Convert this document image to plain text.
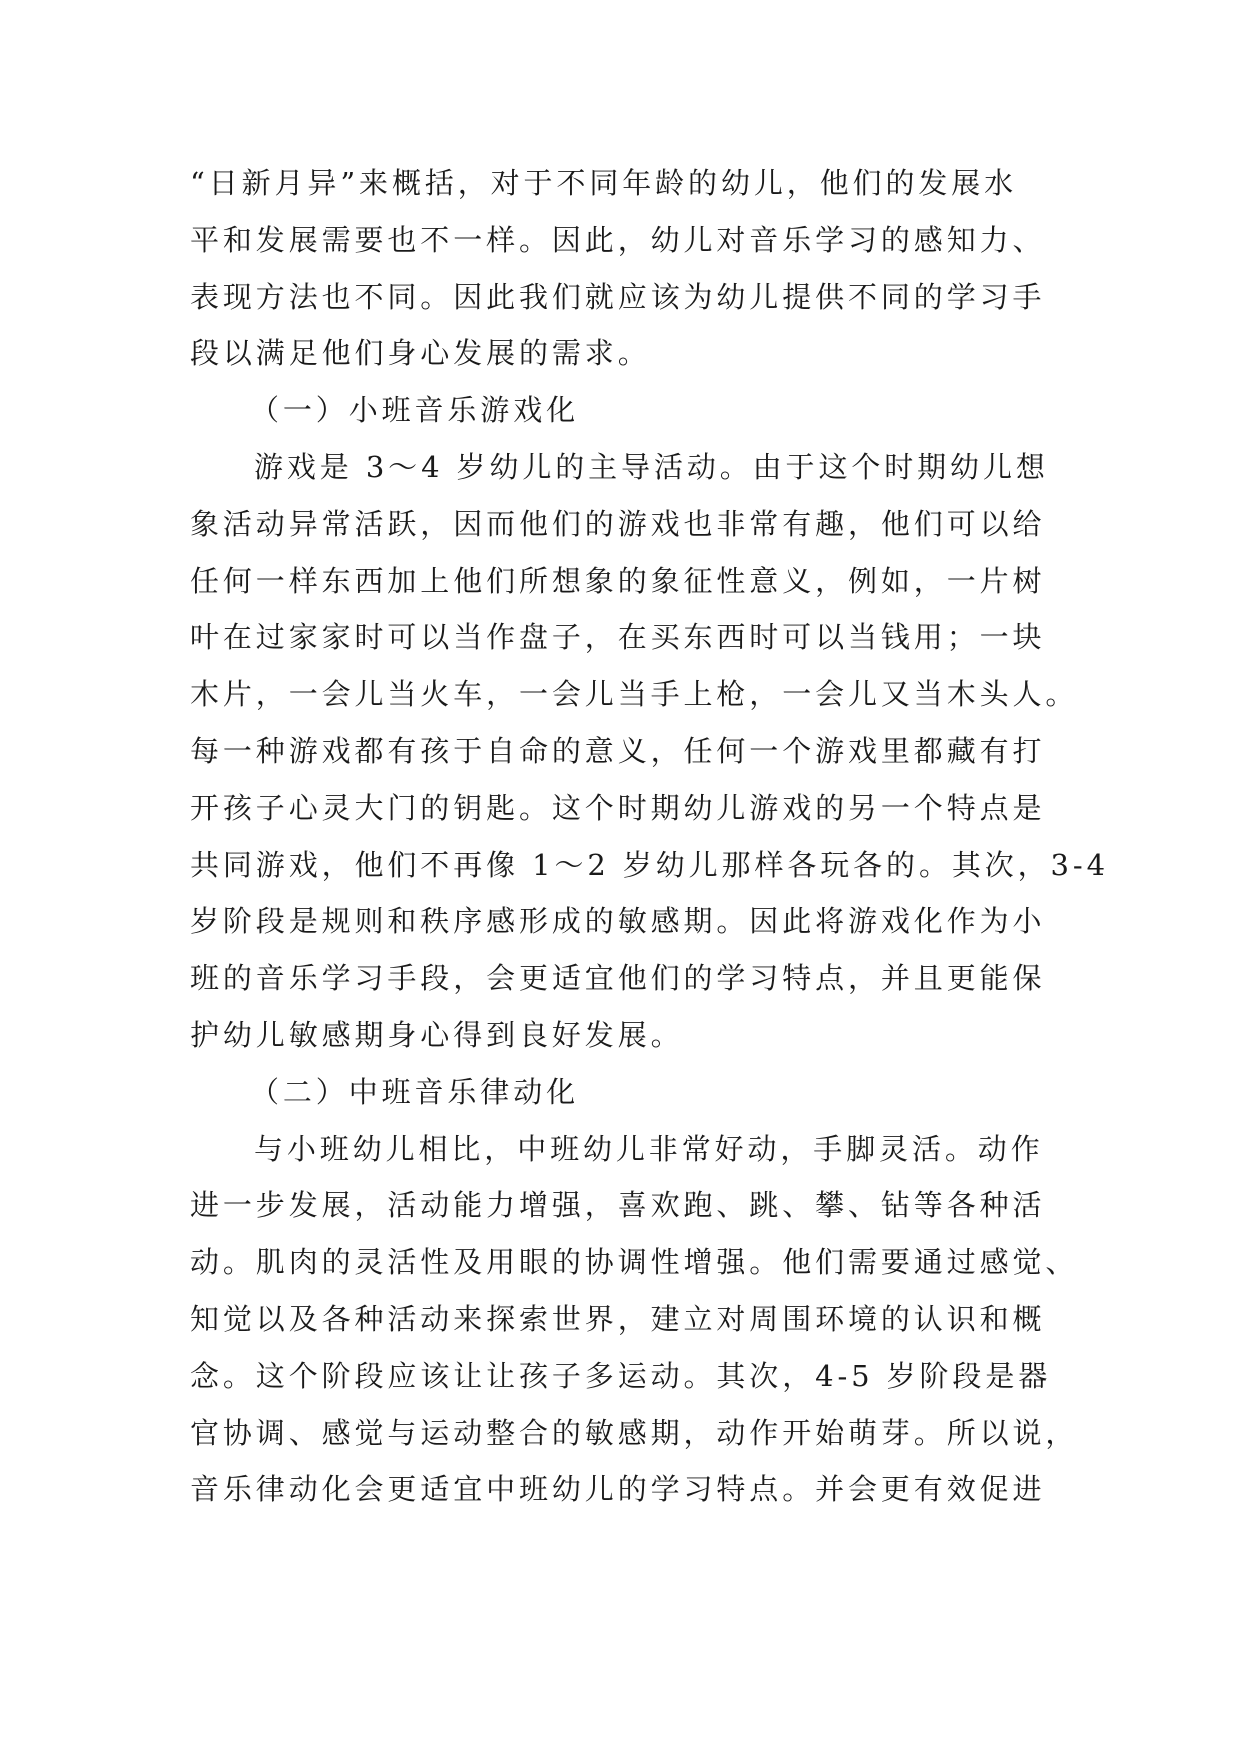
“日新月异”来概括，对于不同年龄的幼儿，他们的发展水
平和发展需要也不一样。因此，幼儿对音乐学习的感知力、
表现方法也不同。因此我们就应该为幼儿提供不同的学习手
段以满足他们身心发展的需求。
（一）小班音乐游戏化
游戏是 3～4 岁幼儿的主导活动。由于这个时期幼儿想
象活动异常活跃，因而他们的游戏也非常有趣，他们可以给
任何一样东西加上他们所想象的象征性意义，例如，一片树
叶在过家家时可以当作盘子，在买东西时可以当钱用；一块
木片，一会儿当火车，一会儿当手上枪，一会儿又当木头人。
每一种游戏都有孩于自命的意义，任何一个游戏里都藏有打
开孩子心灵大门的钥匙。这个时期幼儿游戏的另一个特点是
共同游戏，他们不再像 1～2 岁幼儿那样各玩各的。其次，3-4
岁阶段是规则和秩序感形成的敏感期。因此将游戏化作为小
班的音乐学习手段，会更适宜他们的学习特点，并且更能保
护幼儿敏感期身心得到良好发展。
（二）中班音乐律动化
与小班幼儿相比，中班幼儿非常好动，手脚灵活。动作
进一步发展，活动能力增强，喜欢跑、跳、攀、钻等各种活
动。肌肉的灵活性及用眼的协调性增强。他们需要通过感觉、
知觉以及各种活动来探索世界，建立对周围环境的认识和概
念。这个阶段应该让让孩子多运动。其次，4-5 岁阶段是器
官协调、感觉与运动整合的敏感期，动作开始萌芽。所以说，
音乐律动化会更适宜中班幼儿的学习特点。并会更有效促进
